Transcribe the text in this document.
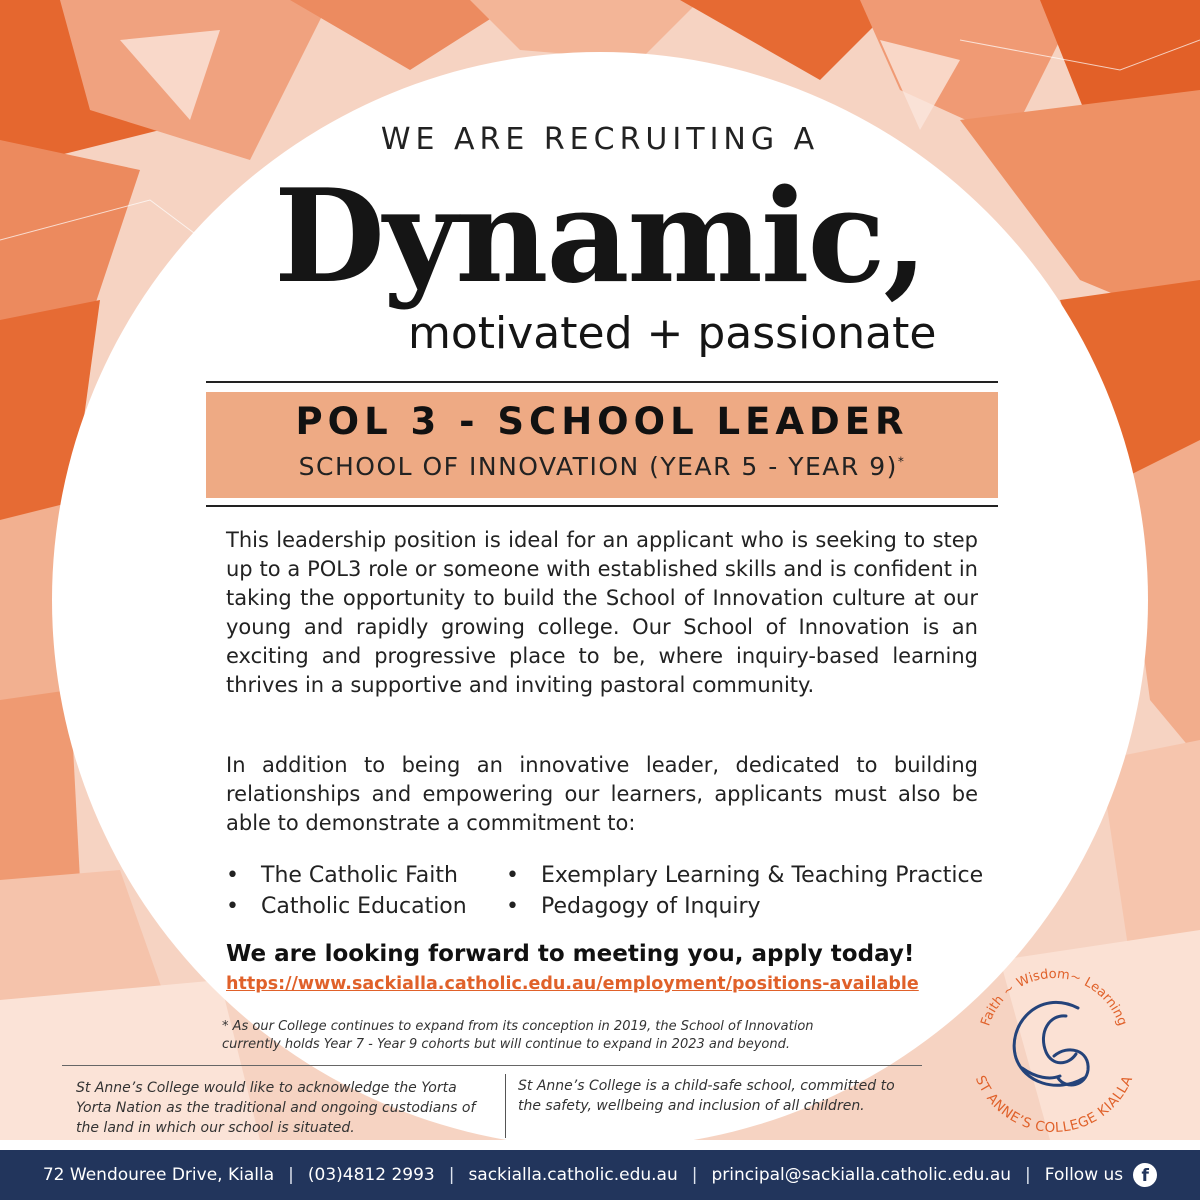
WE ARE RECRUITING A
Dynamic,
motivated + passionate
POL 3 - SCHOOL LEADER
SCHOOL OF INNOVATION (YEAR 5 - YEAR 9)*
This leadership position is ideal for an applicant who is seeking to step up to a POL3 role or someone with established skills and is confident in taking the opportunity to build the School of Innovation culture at our young and rapidly growing college. Our School of Innovation is an exciting and progressive place to be, where inquiry-based learning thrives in a supportive and inviting pastoral community.
In addition to being an innovative leader, dedicated to building relationships and empowering our learners, applicants must also be able to demonstrate a commitment to:
• The Catholic Faith
• Catholic Education
• Exemplary Learning & Teaching Practice
• Pedagogy of Inquiry
We are looking forward to meeting you, apply today!
https://www.sackialla.catholic.edu.au/employment/positions-available
* As our College continues to expand from its conception in 2019, the School of Innovation
currently holds Year 7 - Year 9 cohorts but will continue to expand in 2023 and beyond.
St Anne’s College would like to acknowledge the Yorta Yorta Nation as the traditional and ongoing custodians of the land in which our school is situated.
St Anne’s College is a child-safe school, committed to the safety, wellbeing and inclusion of all children.
Faith ~ Wisdom~ Learning
ST ANNE’S COLLEGE KIALLA
72 Wendouree Drive, Kialla | (03)4812 2993 | sackialla.catholic.edu.au | principal@sackialla.catholic.edu.au | Follow us	f
